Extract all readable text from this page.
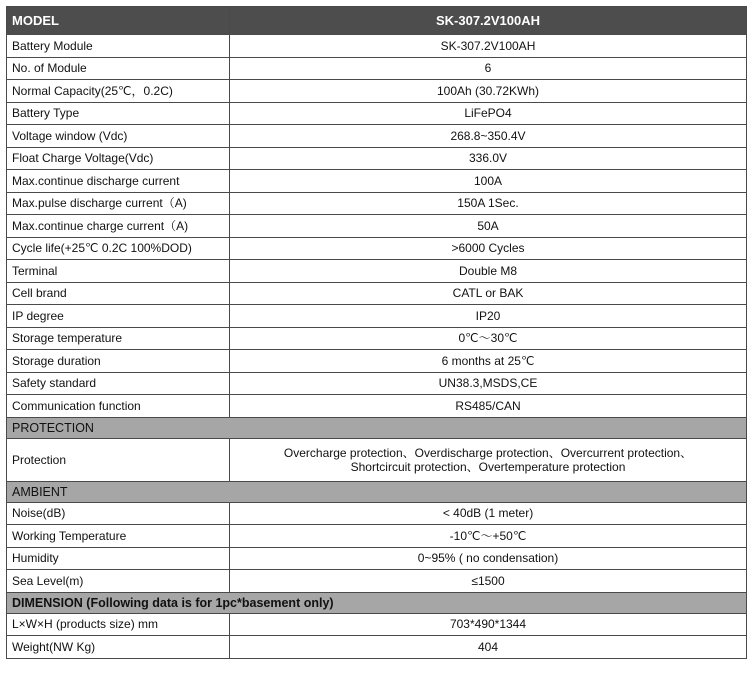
MODEL	SK-307.2V100AH
Battery Module	SK-307.2V100AH
No. of Module	6
Normal Capacity(25℃，0.2C)	100Ah (30.72KWh)
Battery Type	LiFePO4
Voltage window (Vdc)	268.8~350.4V
Float Charge Voltage(Vdc)	336.0V
Max.continue discharge current	100A
Max.pulse discharge current（A)	150A 1Sec.
Max.continue charge current（A)	50A
Cycle life(+25℃ 0.2C 100%DOD)	>6000 Cycles
Terminal	Double M8
Cell brand	CATL or BAK
IP degree	IP20
Storage temperature	0℃～30℃
Storage duration	6 months at 25℃
Safety standard	UN38.3,MSDS,CE
Communication function	RS485/CAN
PROTECTION	
Protection	Overcharge protection、Overdischarge protection、Overcurrent protection、
Shortcircuit protection、Overtemperature protection

AMBIENT	
Noise(dB)	< 40dB (1 meter)
Working Temperature	-10℃～+50℃
Humidity	0~95% ( no condensation)
Sea Level(m)	≤1500
DIMENSION (Following data is for 1pc*basement only)	
L×W×H (products size) mm	703*490*1344
Weight(NW Kg)	404
